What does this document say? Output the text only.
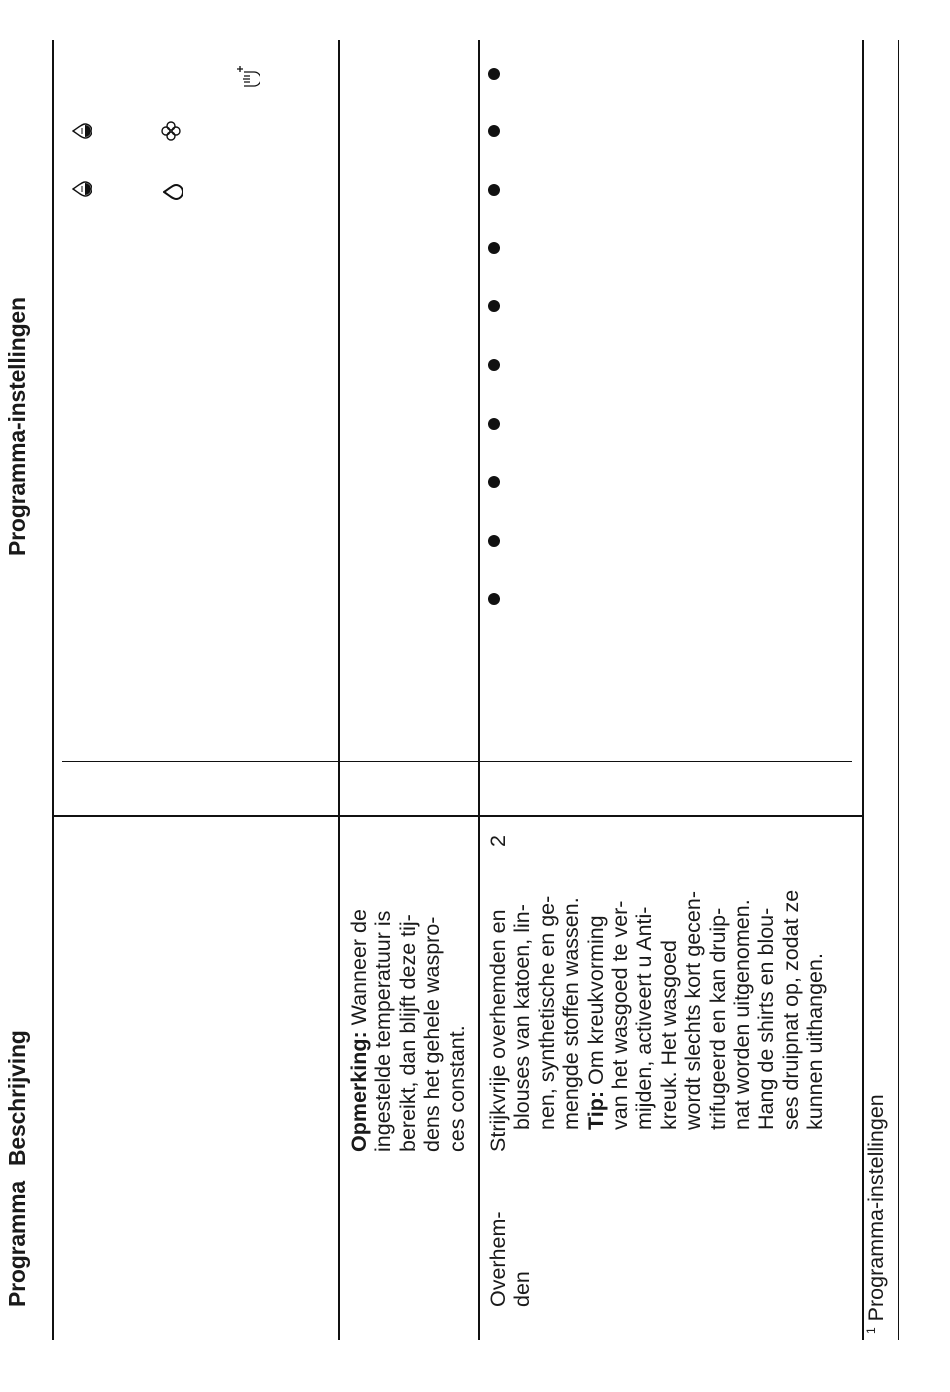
Programma
Beschrijving
Programma-instellingen

Opmerking: Wanneer de ingestelde temperatuur is bereikt, dan blijft deze tij- dens het gehele waspro- ces constant.

Overhem- den

2

Strijkvrije overhemden en blouses van katoen, lin- nen, synthetische en ge- mengde stoffen wassen. Tip: Om kreukvorming van het wasgoed te ver- mijden, activeert u Anti- kreuk. Het wasgoed wordt slechts kort gecen- trifugeerd en kan druip- nat worden uitgenomen. Hang de shirts en blou- ses druipnat op, zodat ze kunnen uithangen.

$^1$Programma-instellingen
